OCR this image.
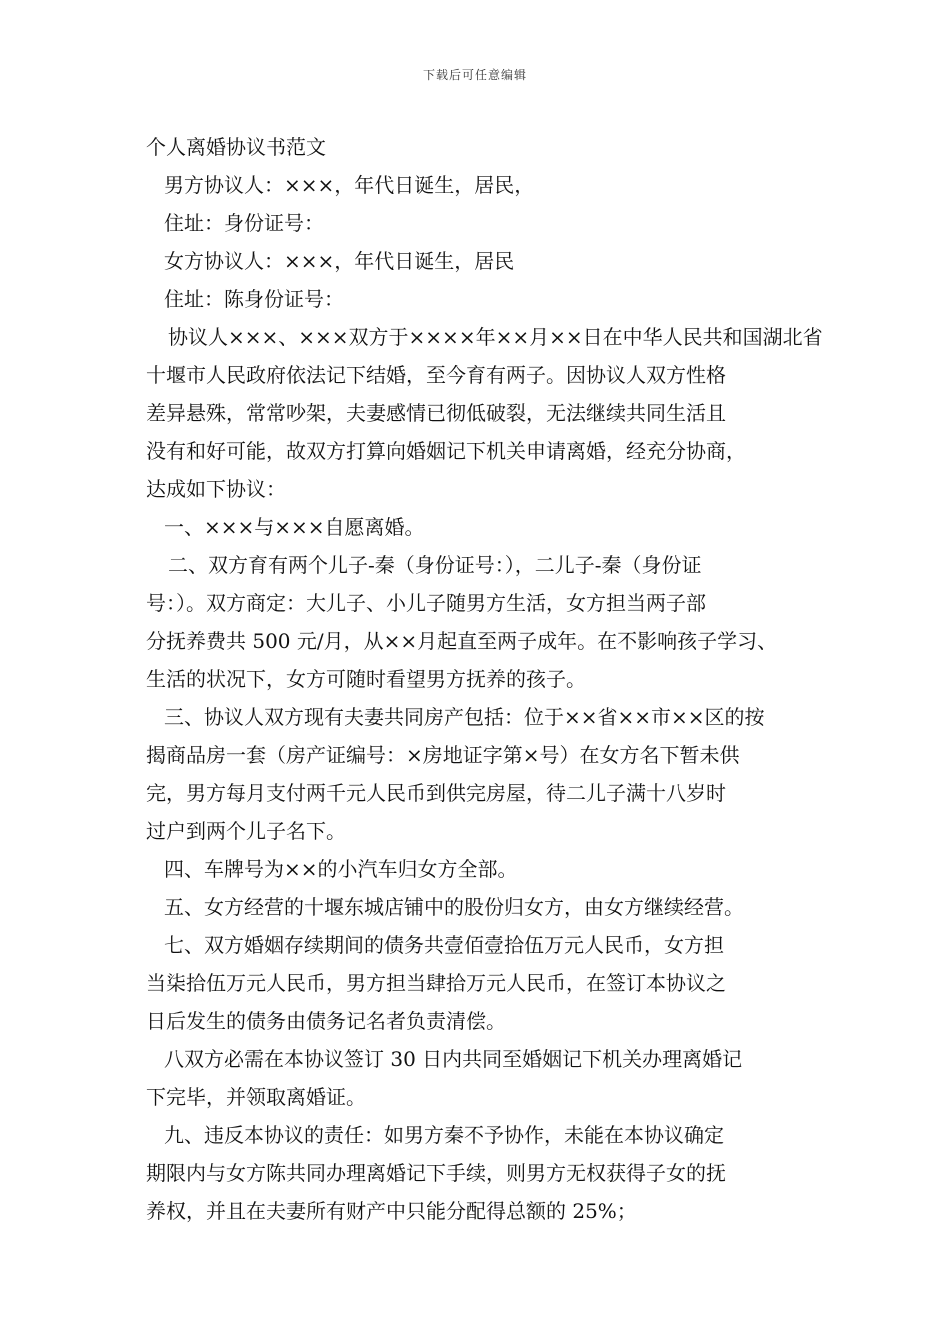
下载后可任意编辑
个人离婚协议书范文
男方协议人：×××，年代日诞生，居民，
住址：身份证号：
女方协议人：×××，年代日诞生，居民
住址：陈身份证号：
协议人×××、×××双方于××××年××月××日在中华人民共和国湖北省
十堰市人民政府依法记下结婚，至今育有两子。因协议人双方性格
差异悬殊，常常吵架，夫妻感情已彻低破裂，无法继续共同生活且
没有和好可能，故双方打算向婚姻记下机关申请离婚，经充分协商，
达成如下协议：
一、×××与×××自愿离婚。
二、双方育有两个儿子-秦（身份证号：），二儿子-秦（身份证
号：）。双方商定：大儿子、小儿子随男方生活，女方担当两子部
分抚养费共 500 元/月，从××月起直至两子成年。在不影响孩子学习、
生活的状况下，女方可随时看望男方抚养的孩子。
三、协议人双方现有夫妻共同房产包括：位于××省××市××区的按
揭商品房一套（房产证编号：×房地证字第×号）在女方名下暂未供
完，男方每月支付两千元人民币到供完房屋，待二儿子满十八岁时
过户到两个儿子名下。
四、车牌号为××的小汽车归女方全部。
五、女方经营的十堰东城店铺中的股份归女方，由女方继续经营。
七、双方婚姻存续期间的债务共壹佰壹拾伍万元人民币，女方担
当柒拾伍万元人民币，男方担当肆拾万元人民币，在签订本协议之
日后发生的债务由债务记名者负责清偿。
八双方必需在本协议签订 30 日内共同至婚姻记下机关办理离婚记
下完毕，并领取离婚证。
九、违反本协议的责任：如男方秦不予协作，未能在本协议确定
期限内与女方陈共同办理离婚记下手续，则男方无权获得子女的抚
养权，并且在夫妻所有财产中只能分配得总额的 25%；
